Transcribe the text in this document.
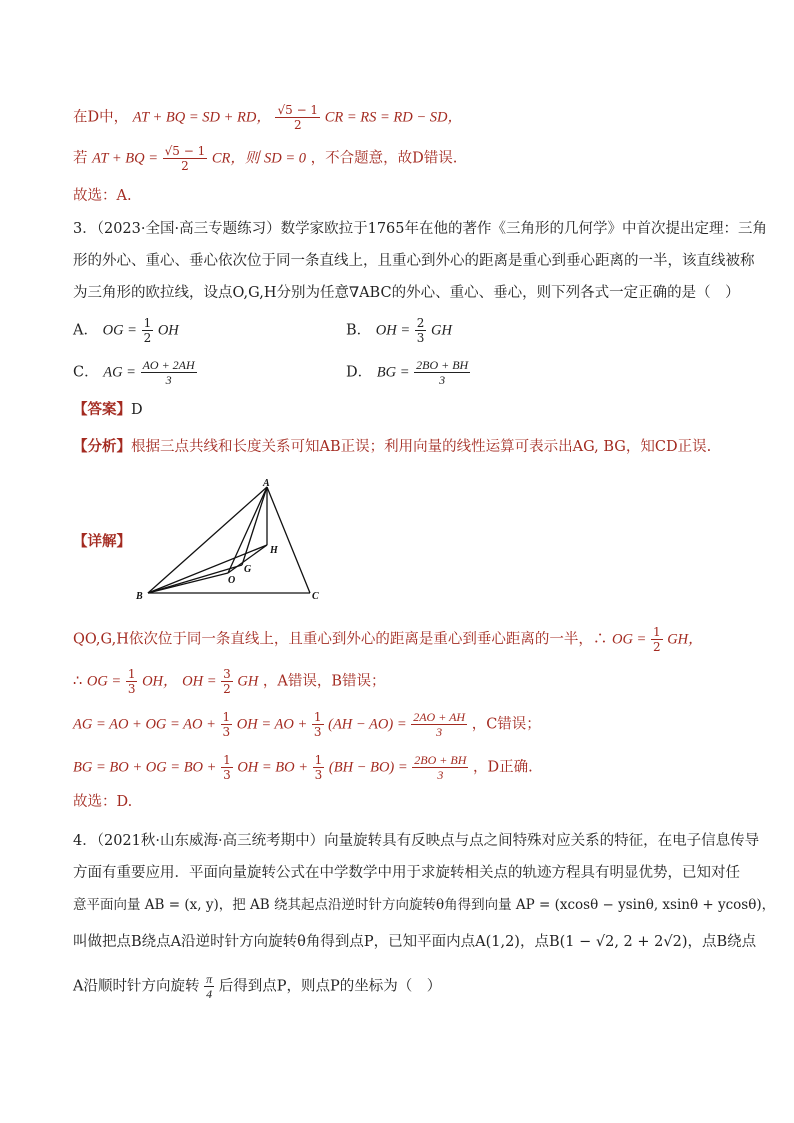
在D中， AT + BQ = SD + RD， $\frac{√5 - 1}{2}$ CR = RS = RD − SD，
若 AT + BQ = $\frac{√5 - 1}{2}$ CR，则 SD = 0 ，不合题意，故D错误.
故选：A.
3．（2023·全国·高三专题练习）数学家欧拉于1765年在他的著作《三角形的几何学》中首次提出定理：三角
形的外心、重心、垂心依次位于同一条直线上，且重心到外心的距离是重心到垂心距离的一半，该直线被称
为三角形的欧拉线，设点O,G,H分别为任意∇ABC的外心、重心、垂心，则下列各式一定正确的是（　）
A． OG = $\frac{1}{2}$ OH	B． OH = $\frac{2}{3}$ GH
C． AG = $\frac{AO + 2AH}{3}$	D． BG = $\frac{2BO + BH}{3}$
【答案】D
【分析】根据三点共线和长度关系可知AB正误；利用向量的线性运算可表示出AG, BG，知CD正误.
【详解】
A
B	C
H
G
O
QO,G,H依次位于同一条直线上，且重心到外心的距离是重心到垂心距离的一半，∴ OG = $\frac{1}{2}$ GH，
∴ OG = $\frac{1}{3}$ OH， OH = $\frac{3}{2}$ GH ，A错误，B错误；
AG = AO + OG = AO + $\frac{1}{3}$ OH = AO + $\frac{1}{3} (AH - AO) = \frac{2AO + AH}{3}$ ，C错误；
BG = BO + OG = BO + $\frac{1}{3}$ OH = BO + $\frac{1}{3} (BH - BO) = \frac{2BO + BH}{3}$ ，D正确.
故选：D.
4．（2021秋·山东威海·高三统考期中）向量旋转具有反映点与点之间特殊对应关系的特征，在电子信息传导
方面有重要应用．平面向量旋转公式在中学数学中用于求旋转相关点的轨迹方程具有明显优势，已知对任
意平面向量 AB = (x, y)，把 AB 绕其起点沿逆时针方向旋转θ角得到向量 AP = (xcosθ − ysinθ, xsinθ + ycosθ)，
叫做把点B绕点A沿逆时针方向旋转θ角得到点P，已知平面内点A(1,2)，点B(1 − √2, 2 + 2√2)，点B绕点
A沿顺时针方向旋转 $\frac{\pi}{4}$ 后得到点P，则点P的坐标为（　）
